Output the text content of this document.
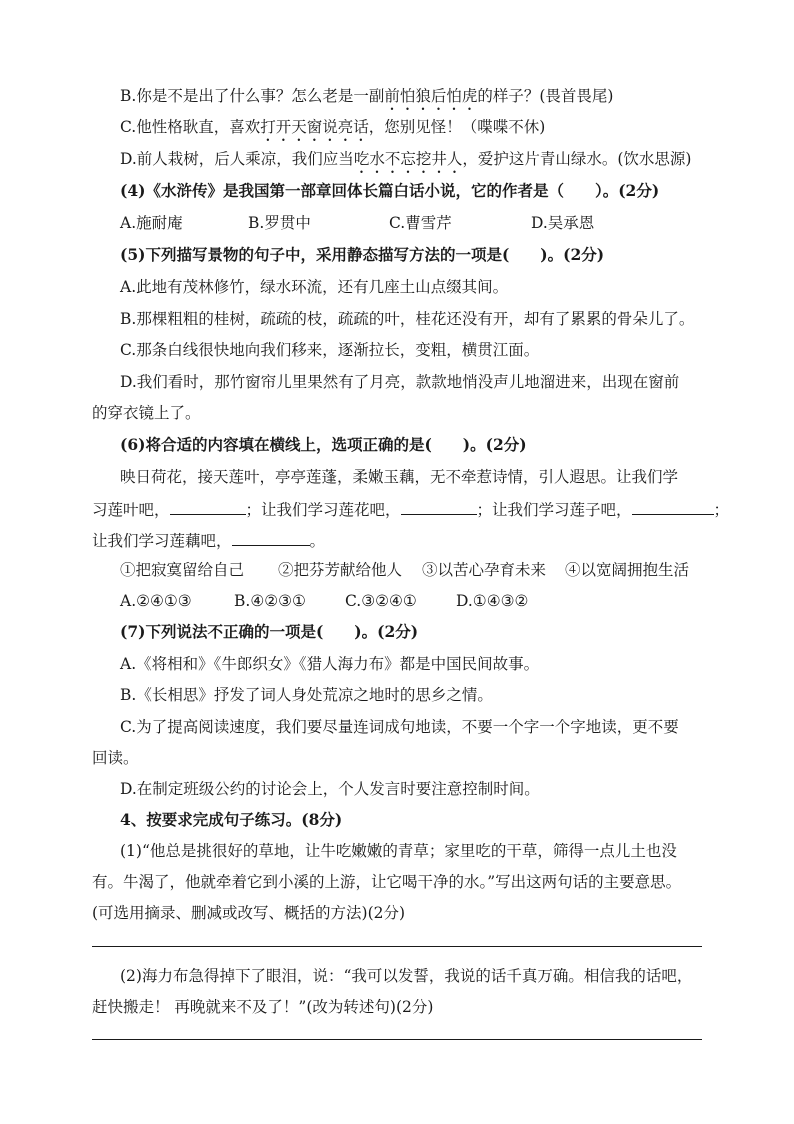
B.你是不是出了什么事？怎么老是一副前怕狼后怕虎的样子？(畏首畏尾)
C.他性格耿直，喜欢打开天窗说亮话，您别见怪！（喋喋不休)
D.前人栽树，后人乘凉，我们应当吃水不忘挖井人，爱护这片青山绿水。(饮水思源)
(4)《水浒传》是我国第一部章回体长篇白话小说，它的作者是（　　）。(2分)
A.施耐庵	B.罗贯中	C.曹雪芹	D.吴承恩
(5)下列描写景物的句子中，采用静态描写方法的一项是(　　)。(2分)
A.此地有茂林修竹，绿水环流，还有几座土山点缀其间。
B.那棵粗粗的桂树，疏疏的枝，疏疏的叶，桂花还没有开，却有了累累的骨朵儿了。
C.那条白线很快地向我们移来，逐渐拉长，变粗，横贯江面。
D.我们看时，那竹窗帘儿里果然有了月亮，款款地悄没声儿地溜进来，出现在窗前
的穿衣镜上了。
(6)将合适的内容填在横线上，选项正确的是(　　)。(2分)
映日荷花，接天莲叶，亭亭莲蓬，柔嫩玉藕，无不牵惹诗情，引人遐思。让我们学
习莲叶吧，	；让我们学习莲花吧，	；让我们学习莲子吧，	；
让我们学习莲藕吧，	。
①把寂寞留给自己	②把芬芳献给他人	③以苦心孕育未来	④以宽阔拥抱生活
A.②④①③	B.④②③①	C.③②④①	D.①④③②
(7)下列说法不正确的一项是(　　)。(2分)
A.《将相和》《牛郎织女》《猎人海力布》都是中国民间故事。
B.《长相思》抒发了词人身处荒凉之地时的思乡之情。
C.为了提高阅读速度，我们要尽量连词成句地读，不要一个字一个字地读，更不要
回读。
D.在制定班级公约的讨论会上，个人发言时要注意控制时间。
4、按要求完成句子练习。(8分)
(1)“他总是挑很好的草地，让牛吃嫩嫩的青草；家里吃的干草，筛得一点儿土也没
有。牛渴了，他就牵着它到小溪的上游，让它喝干净的水。”写出这两句话的主要意思。
(可选用摘录、删减或改写、概括的方法)(2分)
(2)海力布急得掉下了眼泪，说：“我可以发誓，我说的话千真万确。相信我的话吧，
赶快搬走！ 再晚就来不及了！”(改为转述句)(2分)
